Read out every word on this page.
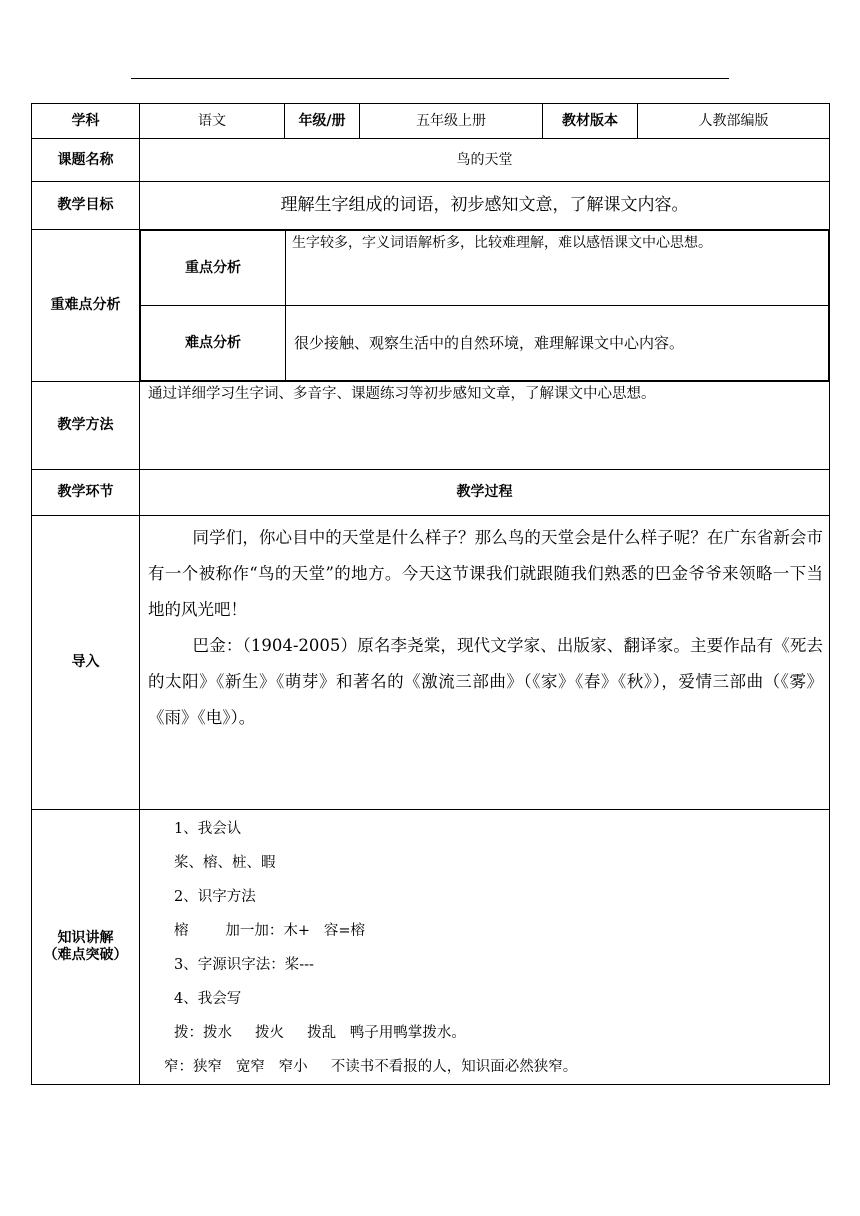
学科	语文	年级/册	五年级上册	教材版本	人教部编版
课题名称	鸟的天堂
教学目标	理解生字组成的词语，初步感知文意，了解课文内容。
重难点分析	
重点分析	生字较多，字义词语解析多，比较难理解，难以感悟课文中心思想。
难点分析	很少接触、观察生活中的自然环境，难理解课文中心内容。

教学方法	通过详细学习生字词、多音字、课题练习等初步感知文章，了解课文中心思想。
教学环节	教学过程
导入	

同学们，你心目中的天堂是什么样子？那么鸟的天堂会是什么样子呢？在广东省新会市有一个被称作“鸟的天堂”的地方。今天这节课我们就跟随我们熟悉的巴金爷爷来领略一下当地的风光吧！

巴金：（1904-2005）原名李尧棠，现代文学家、出版家、翻译家。主要作品有《死去的太阳》《新生》《萌芽》和著名的《激流三部曲》（《家》《春》《秋》），爱情三部曲（《雾》《雨》《电》）。

知识讲解
（难点突破）

1、我会认
桨、榕、桩、暇
2、识字方法
榕        加一加：木+   容=榕
3、字源识字法：桨---
4、我会写
拨：拨水     拨火     拨乱   鸭子用鸭掌拨水。
窄：狭窄   宽窄   窄小     不读书不看报的人，知识面必然狭窄。
